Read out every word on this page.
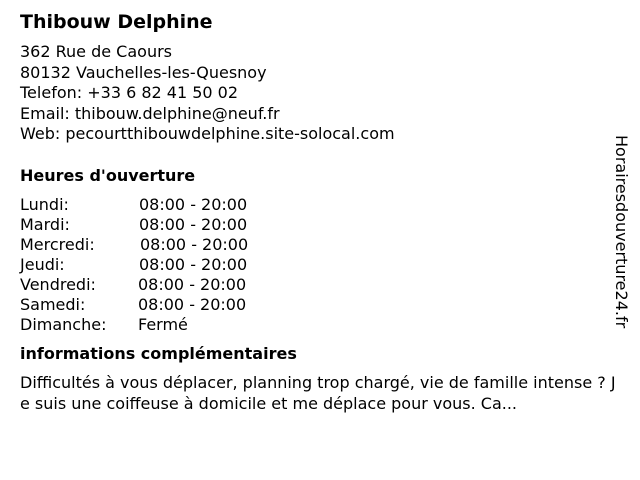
Thibouw Delphine
362 Rue de Caours
80132 Vauchelles-les-Quesnoy
Telefon: +33 6 82 41 50 02
Email: thibouw.delphine@neuf.fr
Web: pecourtthibouwdelphine.site-solocal.com
Heures d'ouverture
Lundi:	08:00 - 20:00
Mardi:	08:00 - 20:00
Mercredi:	08:00 - 20:00
Jeudi:	08:00 - 20:00
Vendredi:	08:00 - 20:00
Samedi:	08:00 - 20:00
Dimanche:	Fermé
informations complémentaires
Difficultés à vous déplacer, planning trop chargé, vie de famille intense ? Je suis une coiffeuse à domicile et me déplace pour vous. Ca...
Horairesdouverture24.fr
